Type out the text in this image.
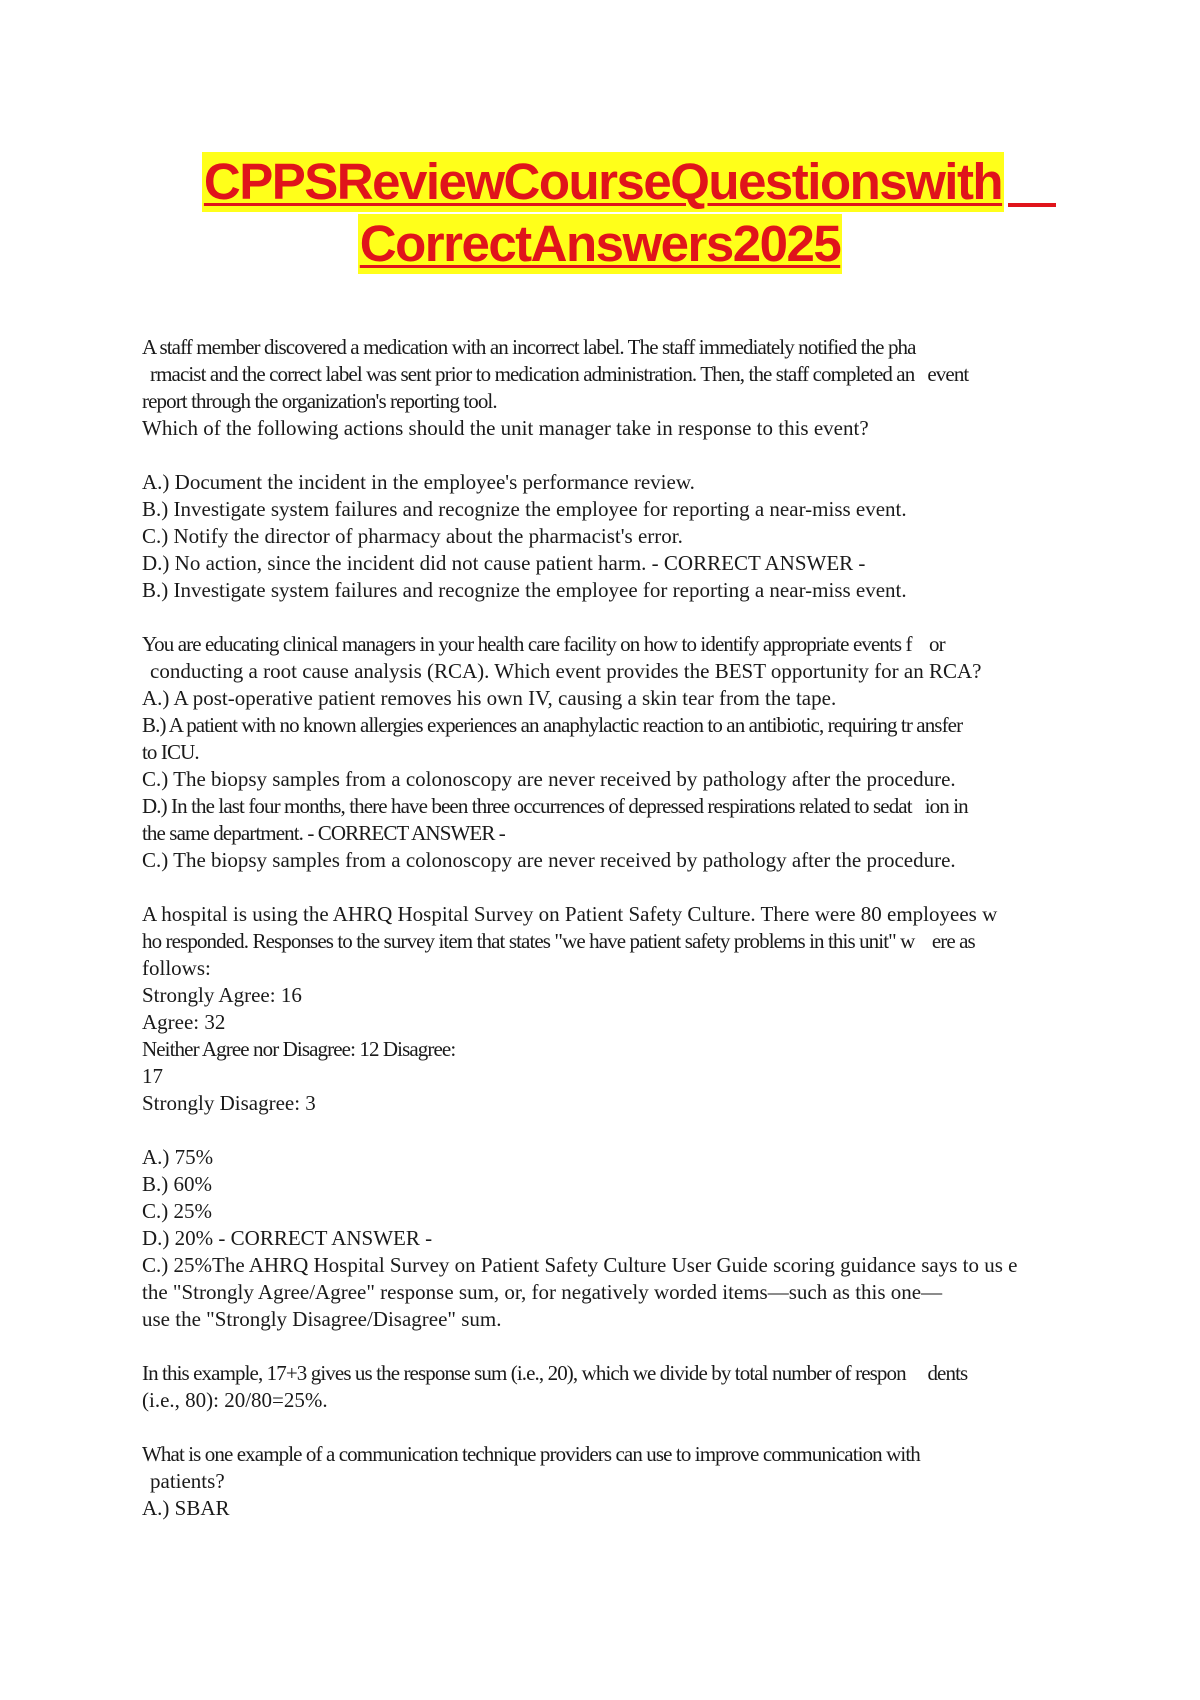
CPPSReviewCourseQuestionswith
CorrectAnswers2025
A staff member discovered a medication with an incorrect label. The staff immediately notified the pha
rmacist and the correct label was sent prior to medication administration. Then, the staff completed an   event
report through the organization's reporting tool.
Which of the following actions should the unit manager take in response to this event?
A.) Document the incident in the employee's performance review.
B.) Investigate system failures and recognize the employee for reporting a near-miss event.
C.) Notify the director of pharmacy about the pharmacist's error.
D.) No action, since the incident did not cause patient harm. - CORRECT ANSWER -
B.) Investigate system failures and recognize the employee for reporting a near-miss event.
You are educating clinical managers in your health care facility on how to identify appropriate events f    or
conducting a root cause analysis (RCA). Which event provides the BEST opportunity for an RCA?
A.) A post-operative patient removes his own IV, causing a skin tear from the tape.
B.) A patient with no known allergies experiences an anaphylactic reaction to an antibiotic, requiring tr ansfer
to ICU.
C.) The biopsy samples from a colonoscopy are never received by pathology after the procedure.
D.) In the last four months, there have been three occurrences of depressed respirations related to sedat   ion in
the same department. - CORRECT ANSWER -
C.) The biopsy samples from a colonoscopy are never received by pathology after the procedure.
A hospital is using the AHRQ Hospital Survey on Patient Safety Culture. There were 80 employees w
ho responded. Responses to the survey item that states "we have patient safety problems in this unit" w    ere as
follows:
Strongly Agree: 16
Agree: 32
Neither Agree nor Disagree: 12 Disagree:
17
Strongly Disagree: 3
A.) 75%
B.) 60%
C.) 25%
D.) 20% - CORRECT ANSWER -
C.) 25%The AHRQ Hospital Survey on Patient Safety Culture User Guide scoring guidance says to us e
the "Strongly Agree/Agree" response sum, or, for negatively worded items—such as this one—
use the "Strongly Disagree/Disagree" sum.
In this example, 17+3 gives us the response sum (i.e., 20), which we divide by total number of respon     dents
(i.e., 80): 20/80=25%.
What is one example of a communication technique providers can use to improve communication with
patients?
A.) SBAR
